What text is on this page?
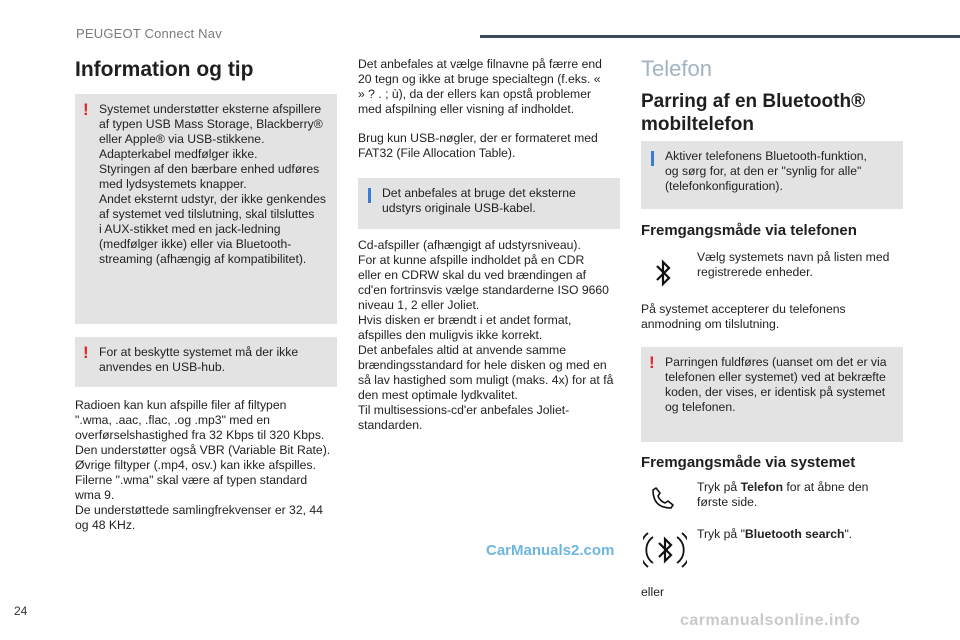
PEUGEOT Connect Nav
Information og tip
! Systemet understøtter eksterne afspillere
af typen USB Mass Storage, Blackberry®
eller Apple® via USB-stikkene.
Adapterkabel medfølger ikke.
Styringen af den bærbare enhed udføres
med lydsystemets knapper.
Andet eksternt udstyr, der ikke genkendes
af systemet ved tilslutning, skal tilsluttes
i AUX-stikket med en jack-ledning
(medfølger ikke) eller via Bluetooth-
streaming (afhængig af kompatibilitet).
! For at beskytte systemet må der ikke
anvendes en USB-hub.
Radioen kan kun afspille filer af filtypen
".wma, .aac, .flac, .og .mp3" med en
overførselshastighed fra 32 Kbps til 320 Kbps.
Den understøtter også VBR (Variable Bit Rate).
Øvrige filtyper (.mp4, osv.) kan ikke afspilles.
Filerne ".wma" skal være af typen standard
wma 9.
De understøttede samlingfrekvenser er 32, 44
og 48 KHz.
Det anbefales at vælge filnavne på færre end
20 tegn og ikke at bruge specialtegn (f.eks. «
» ? . ; ù), da der ellers kan opstå problemer
med afspilning eller visning af indholdet.
Brug kun USB-nøgler, der er formateret med
FAT32 (File Allocation Table).
Det anbefales at bruge det eksterne
udstyrs originale USB-kabel.
Cd-afspiller (afhængigt af udstyrsniveau).
For at kunne afspille indholdet på en CDR
eller en CDRW skal du ved brændingen af
cd'en fortrinsvis vælge standarderne ISO 9660
niveau 1, 2 eller Joliet.
Hvis disken er brændt i et andet format,
afspilles den muligvis ikke korrekt.
Det anbefales altid at anvende samme
brændingsstandard for hele disken og med en
så lav hastighed som muligt (maks. 4x) for at få
den mest optimale lydkvalitet.
Til multisessions-cd'er anbefales Joliet-
standarden.
Telefon
Parring af en Bluetooth®
mobiltelefon
Aktiver telefonens Bluetooth-funktion,
og sørg for, at den er "synlig for alle"
(telefonkonfiguration).
Fremgangsmåde via telefonen
Vælg systemets navn på listen med
registrerede enheder.
På systemet accepterer du telefonens
anmodning om tilslutning.
! Parringen fuldføres (uanset om det er via
telefonen eller systemet) ved at bekræfte
koden, der vises, er identisk på systemet
og telefonen.
Fremgangsmåde via systemet
Tryk på Telefon for at åbne den
første side.
Tryk på "Bluetooth search".
eller
CarManuals2.com
24
carmanualsonline.info
